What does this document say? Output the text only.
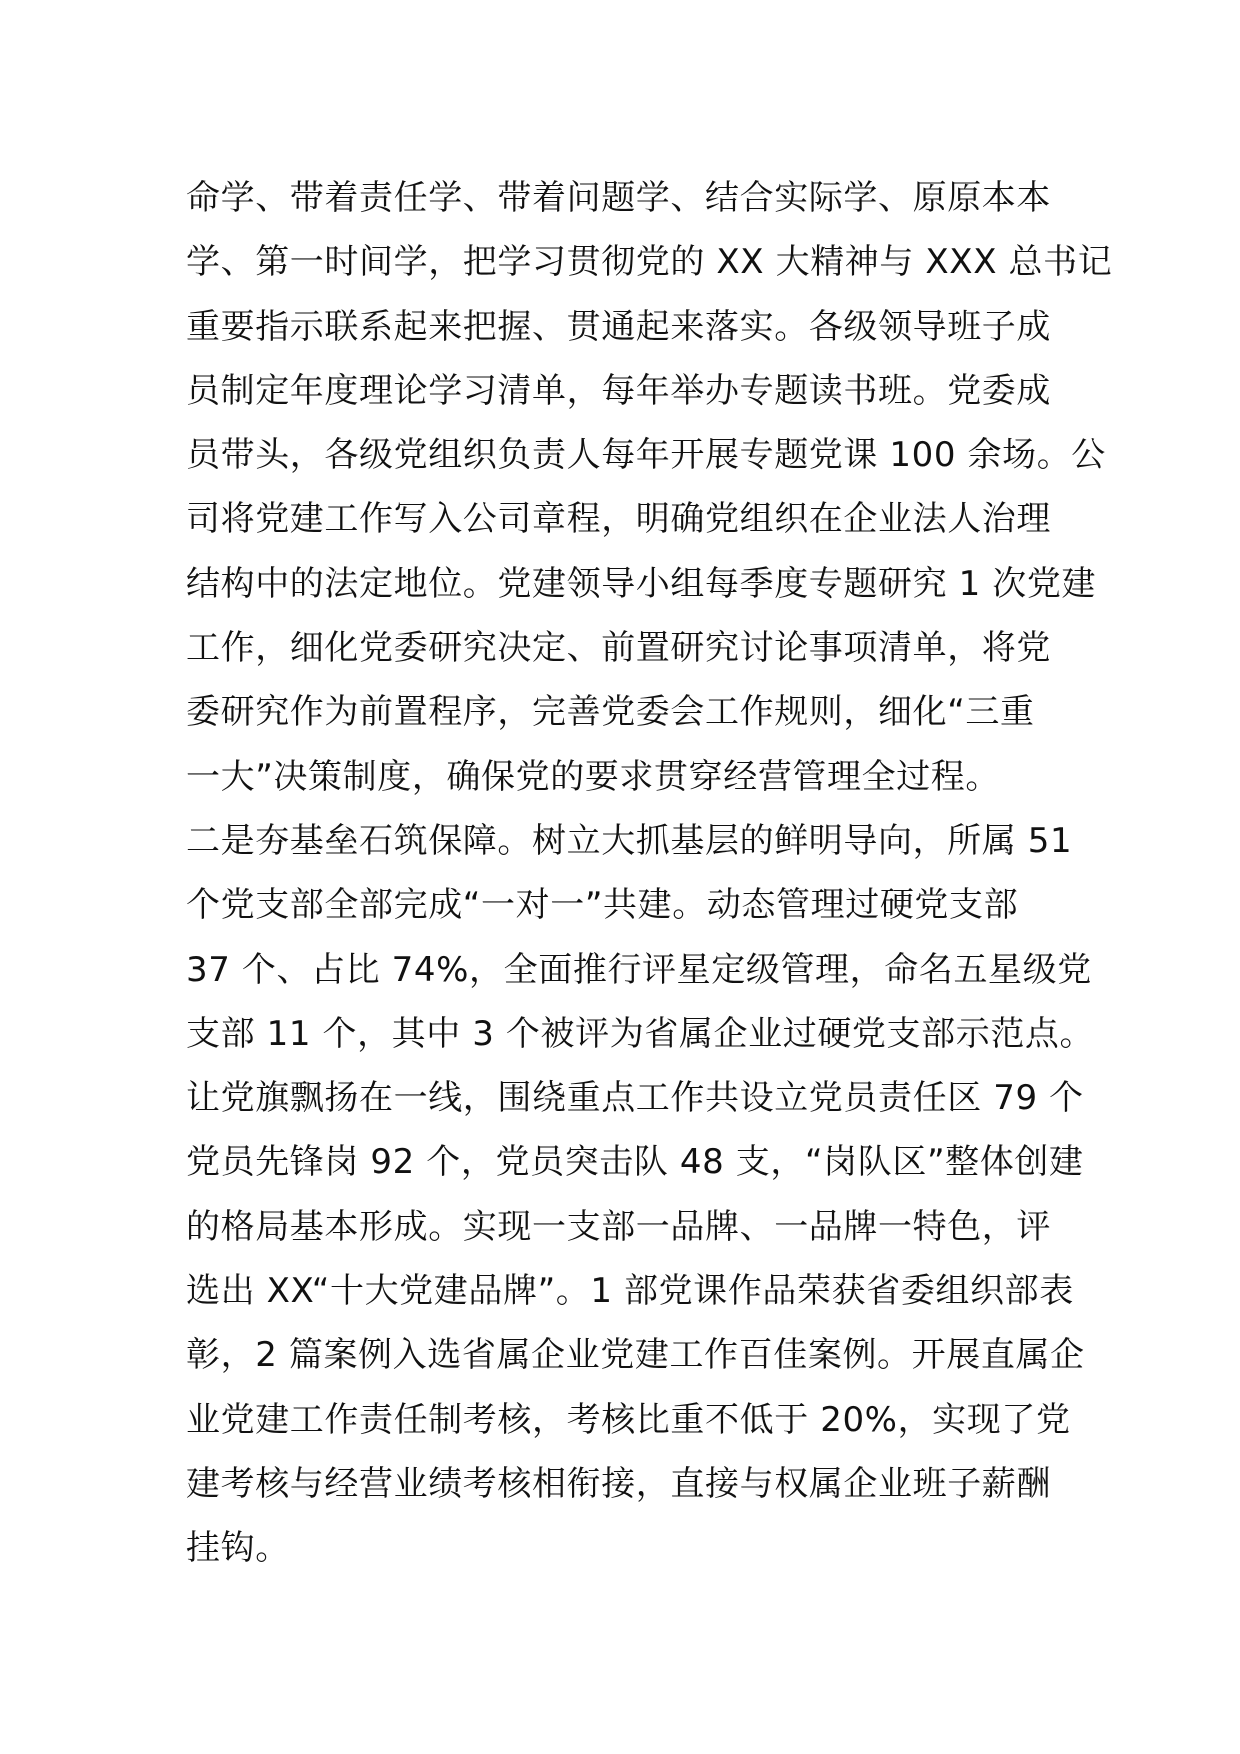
命学、带着责任学、带着问题学、结合实际学、原原本本
学、第一时间学，把学习贯彻党的 XX 大精神与 XXX 总书记
重要指示联系起来把握、贯通起来落实。各级领导班子成
员制定年度理论学习清单，每年举办专题读书班。党委成
员带头，各级党组织负责人每年开展专题党课 100 余场。公
司将党建工作写入公司章程，明确党组织在企业法人治理
结构中的法定地位。党建领导小组每季度专题研究 1 次党建
工作，细化党委研究决定、前置研究讨论事项清单，将党
委研究作为前置程序，完善党委会工作规则，细化“三重
一大”决策制度，确保党的要求贯穿经营管理全过程。
二是夯基垒石筑保障。树立大抓基层的鲜明导向，所属 51
个党支部全部完成“一对一”共建。动态管理过硬党支部
37 个、占比 74%，全面推行评星定级管理，命名五星级党
支部 11 个，其中 3 个被评为省属企业过硬党支部示范点。
让党旗飘扬在一线，围绕重点工作共设立党员责任区 79 个
党员先锋岗 92 个，党员突击队 48 支，“岗队区”整体创建
的格局基本形成。实现一支部一品牌、一品牌一特色，评
选出 XX“十大党建品牌”。1 部党课作品荣获省委组织部表
彰，2 篇案例入选省属企业党建工作百佳案例。开展直属企
业党建工作责任制考核，考核比重不低于 20%，实现了党
建考核与经营业绩考核相衔接，直接与权属企业班子薪酬
挂钩。
